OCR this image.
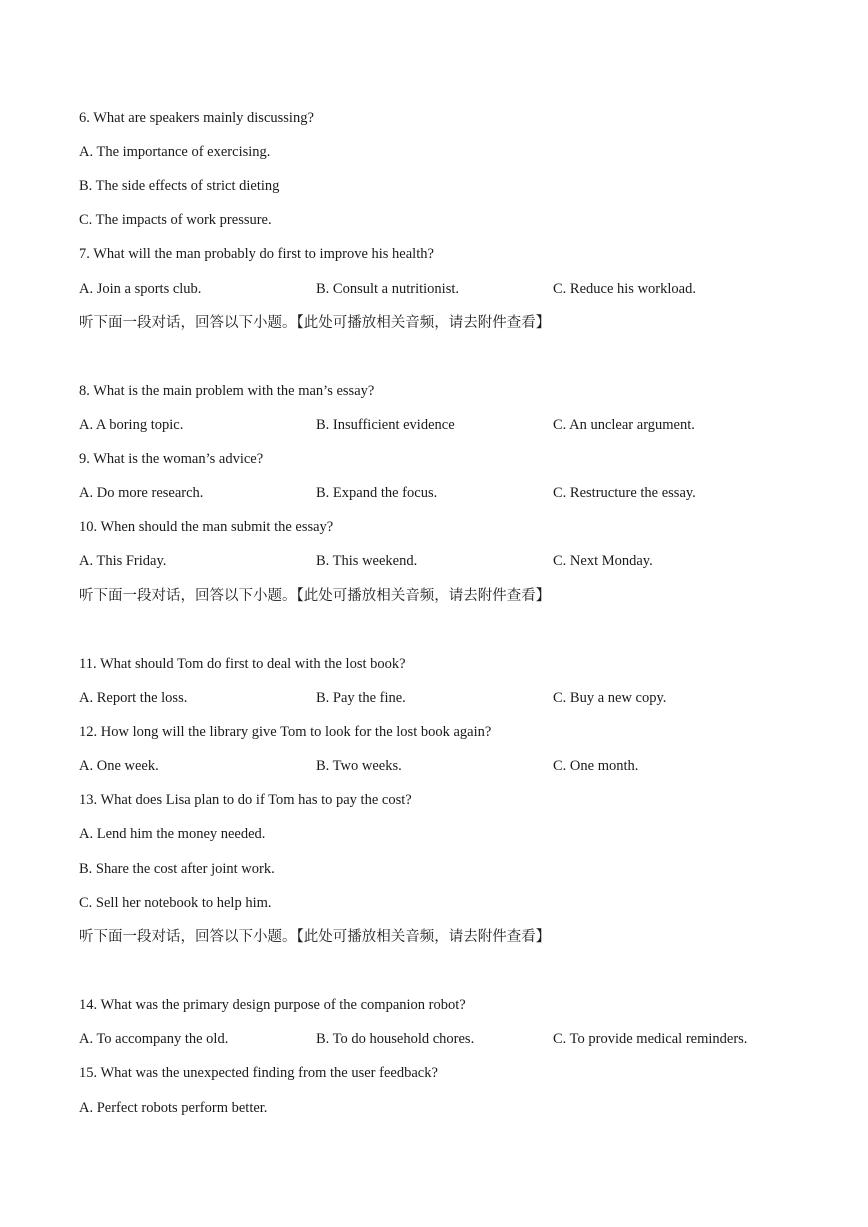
6. What are speakers mainly discussing?
A. The importance of exercising.
B. The side effects of strict dieting
C. The impacts of work pressure.
7. What will the man probably do first to improve his health?
A. Join a sports club.	B. Consult a nutritionist.	C. Reduce his workload.
听下面一段对话，回答以下小题。【此处可播放相关音频，请去附件查看】
8. What is the main problem with the man’s essay?
A. A boring topic.	B. Insufficient evidence	C. An unclear argument.
9. What is the woman’s advice?
A. Do more research.	B. Expand the focus.	C. Restructure the essay.
10. When should the man submit the essay?
A. This Friday.	B. This weekend.	C. Next Monday.
听下面一段对话，回答以下小题。【此处可播放相关音频，请去附件查看】
11. What should Tom do first to deal with the lost book?
A. Report the loss.	B. Pay the fine.	C. Buy a new copy.
12. How long will the library give Tom to look for the lost book again?
A. One week.	B. Two weeks.	C. One month.
13. What does Lisa plan to do if Tom has to pay the cost?
A. Lend him the money needed.
B. Share the cost after joint work.
C. Sell her notebook to help him.
听下面一段对话，回答以下小题。【此处可播放相关音频，请去附件查看】
14. What was the primary design purpose of the companion robot?
A. To accompany the old.	B. To do household chores.	C. To provide medical reminders.
15. What was the unexpected finding from the user feedback?
A. Perfect robots perform better.
